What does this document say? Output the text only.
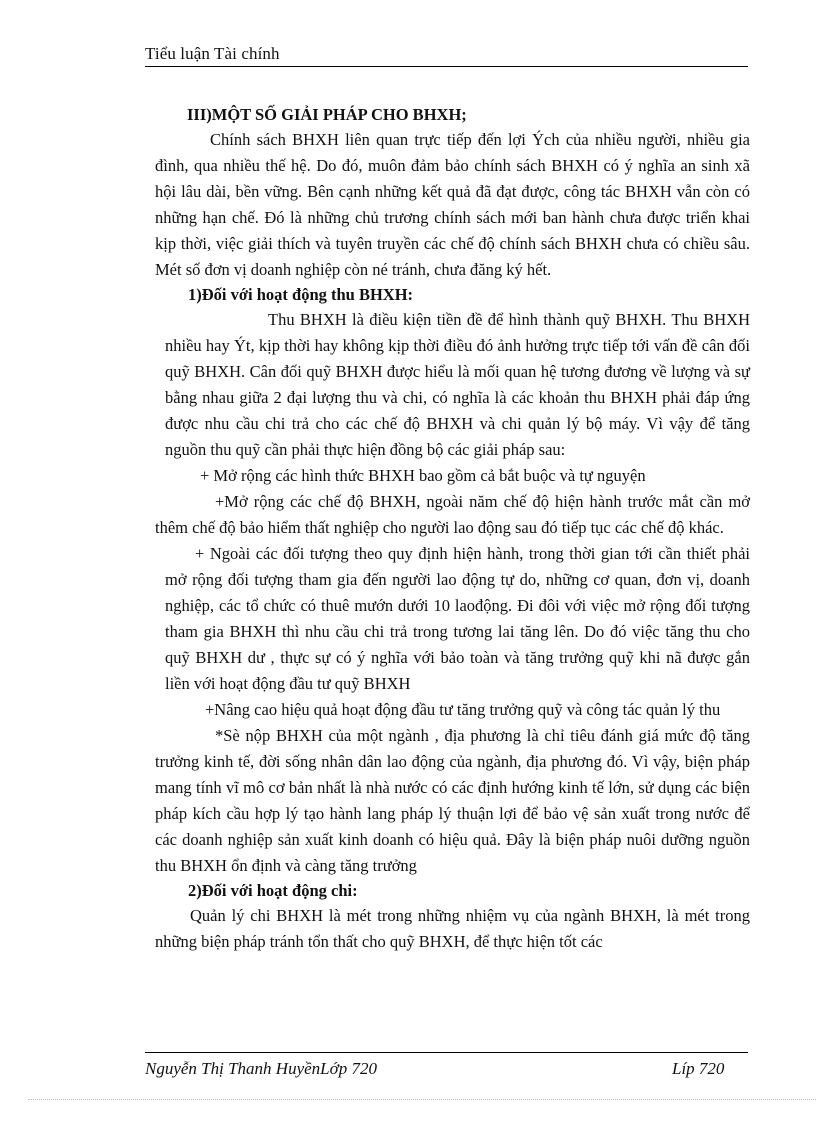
Tiểu luận Tài chính
III)MỘT SỐ GIẢI PHÁP CHO BHXH;

Chính sách BHXH liên quan trực tiếp đến lợi Ých của nhiều người, nhiều gia đình, qua nhiều thế hệ. Do đó, muôn đảm bảo chính sách BHXH có ý nghĩa an sinh xã hội lâu dài, bền vững. Bên cạnh những kết quả đã đạt được, công tác BHXH vẫn còn có những hạn chế. Đó là những chủ trương chính sách mới ban hành chưa được triển khai kịp thời, việc giải thích và tuyên truyền các chế độ chính sách BHXH chưa có chiều sâu. Mét số đơn vị doanh nghiệp còn né tránh, chưa đăng ký hết.

1)Đối với hoạt động thu BHXH:

Thu BHXH là điều kiện tiền đề để hình thành quỹ BHXH. Thu BHXH nhiều hay Ýt, kịp thời hay không kịp thời điều đó ảnh hưởng trực tiếp tới vấn đề cân đối quỹ BHXH. Cân đối quỹ BHXH được hiểu là mối quan hệ tương đương về lượng và sự bằng nhau giữa 2 đại lượng thu và chi, có nghĩa là các khoản thu BHXH phải đáp ứng được nhu cầu chi trả cho các chế độ BHXH và chi quản lý bộ máy. Vì vậy để tăng nguồn thu quỹ cần phải thực hiện đồng bộ các giải pháp sau:

+ Mở rộng các hình thức BHXH bao gồm cả bắt buộc và tự nguyện

+Mở rộng các chế độ BHXH, ngoài năm chế độ hiện hành trước mắt cần mở thêm chế độ bảo hiểm thất nghiệp cho người lao động sau đó tiếp tục các chế độ khác.

+ Ngoài các đối tượng theo quy định hiện hành, trong thời gian tới cần thiết phải mở rộng đối tượng tham gia đến người lao động tự do, những cơ quan, đơn vị, doanh nghiệp, các tổ chức có thuê mướn dưới 10 laođộng. Đi đôi với việc mở rộng đối tượng tham gia BHXH thì nhu cầu chi trả trong tương lai tăng lên. Do đó việc tăng thu cho quỹ BHXH dư , thực sự có ý nghĩa với bảo toàn và tăng trưởng quỹ khi nã được gắn liền với hoạt động đầu tư quỹ BHXH

+Nâng cao hiệu quả hoạt động đầu tư tăng trưởng quỹ và công tác quản lý thu

*Sè nộp BHXH của một ngành , địa phương là chỉ tiêu đánh giá mức độ tăng trưởng kinh tế, đời sống nhân dân lao động của ngành, địa phương đó. Vì vậy, biện pháp mang tính vĩ mô cơ bản nhất là nhà nước có các định hướng kinh tế lớn, sử dụng các biện pháp kích cầu hợp lý tạo hành lang pháp lý thuận lợi để bảo vệ sản xuất trong nước để các doanh nghiệp sản xuất kinh doanh có hiệu quả. Đây là biện pháp nuôi dưỡng nguồn thu BHXH ổn định và càng tăng trưởng

2)Đối với hoạt động chi:

Quản lý chi BHXH là mét trong những nhiệm vụ của ngành BHXH, là mét trong những biện pháp tránh tổn thất cho quỹ BHXH, để thực hiện tốt các

Nguyễn Thị Thanh HuyềnLớp 720	Líp 720
